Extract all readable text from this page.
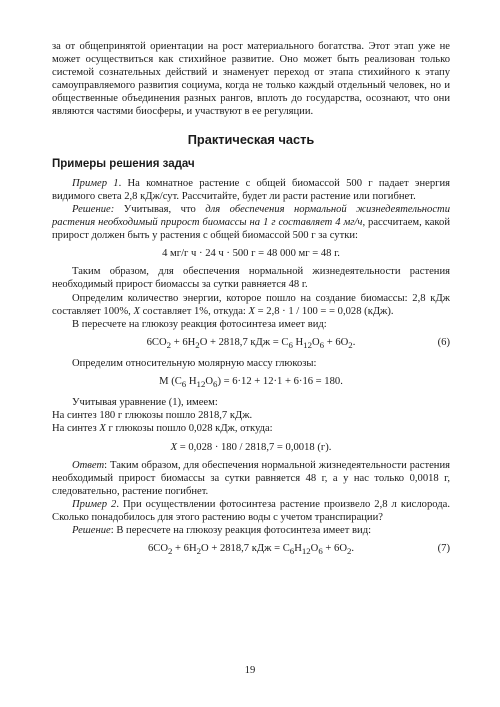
за от общепринятой ориентации на рост материального богатства. Этот этап уже не может осуществиться как стихийное развитие. Оно может быть реализован только системой сознательных действий и знаменует переход от этапа стихийного к этапу самоуправляемого развития социума, когда не только каждый отдельный человек, но и общественные объединения разных рангов, вплоть до государства, осознают, что они являются частями биосферы, и участвуют в ее регуляции.

Практическая часть
Примеры решения задач

Пример 1. На комнатное растение с общей биомассой 500 г падает энергия видимого света 2,8 кДж/сут. Рассчитайте, будет ли расти растение или погибнет.

Решение: Учитывая, что для обеспечения нормальной жизнедеятельности растения необходимый прирост биомассы на 1 г составляет 4 мг/ч, рассчитаем, какой прирост должен быть у растения с общей биомассой 500 г за сутки:

4 мг/г ч · 24 ч · 500 г = 48 000 мг = 48 г.

Таким образом, для обеспечения нормальной жизнедеятельности растения необходимый прирост биомассы за сутки равняется 48 г.

Определим количество энергии, которое пошло на создание биомассы: 2,8 кДж составляет 100%, X составляет 1%, откуда: X = 2,8 · 1 / 100 = = 0,028 (кДж).

В пересчете на глюкозу реакция фотосинтеза имеет вид:

$6CO_2 + 6H_2O + 2818,7$ кДж = $C_6$ $H_{12}O_6 + 6O_2$.	(6)

Определим относительную молярную массу глюкозы:

M ($C_6$ $H_{12}O_6) = 6\cdot 12 + 12\cdot 1 + 6\cdot 16 = 180$.

Учитывая уравнение (1), имеем:

На синтез 180 г глюкозы пошло 2818,7 кДж.

На синтез X г глюкозы пошло 0,028 кДж, откуда:

X = 0,028 · 180 / 2818,7 = 0,0018 (г).

Ответ: Таким образом, для обеспечения нормальной жизнедеятельности растения необходимый прирост биомассы за сутки равняется 48 г, а у нас только 0,0018 г, следовательно, растение погибнет.

Пример 2. При осуществлении фотосинтеза растение произвело 2,8 л кислорода. Сколько понадобилось для этого растению воды с учетом транспирации?

Решение: В пересчете на глюкозу реакция фотосинтеза имеет вид:

$6CO_2 + 6H_2O + 2818,7$ кДж = $C_6H_{12}O_6 + 6O_2$.	(7)
19
